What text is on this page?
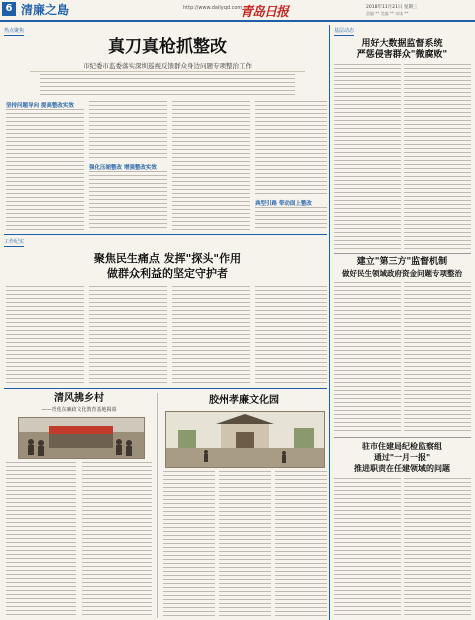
6 清廉之島	http://www.dailyqd.com
青岛日报	2018年11月21日 星期三
责编 ** 美编 ** 审读 **
热点聚焦
真刀真枪抓整改
市纪委市监委落实深圳巡视反馈群众身边问题专项整治工作
坚持问题导向 提高整改实效
强化压缩整改 增强整改实效
典型引路 带动面上整改
工作纪实
聚焦民生痛点 发挥"探头"作用
做群众利益的坚定守护者
清风拂乡村
——青莲东廉政文化教育基地揭幕
胶州孝廉文化园
基层动态
用好大数据监督系统
严惩侵害群众"微腐败"
建立"第三方"监督机制
做好民生领域政府资金问题专项整治
驻市住建局纪检监察组
通过"一月一报"
推进职责在任建领域的问题
